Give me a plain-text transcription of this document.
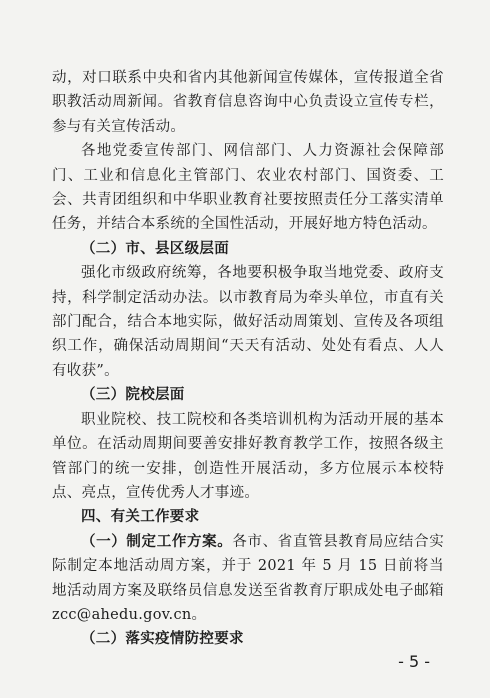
动，对口联系中央和省内其他新闻宣传媒体，宣传报道全省职教活动周新闻。省教育信息咨询中心负责设立宣传专栏，参与有关宣传活动。

各地党委宣传部门、网信部门、人力资源社会保障部门、工业和信息化主管部门、农业农村部门、国资委、工会、共青团组织和中华职业教育社要按照责任分工落实清单任务，并结合本系统的全国性活动，开展好地方特色活动。

（二）市、县区级层面

强化市级政府统筹，各地要积极争取当地党委、政府支持，科学制定活动办法。以市教育局为牵头单位，市直有关部门配合，结合本地实际，做好活动周策划、宣传及各项组织工作，确保活动周期间“天天有活动、处处有看点、人人有收获”。

（三）院校层面

职业院校、技工院校和各类培训机构为活动开展的基本单位。在活动周期间要善安排好教育教学工作，按照各级主管部门的统一安排，创造性开展活动，多方位展示本校特点、亮点，宣传优秀人才事迹。

四、有关工作要求

（一）制定工作方案。各市、省直管县教育局应结合实际制定本地活动周方案，并于 2021 年 5 月 15 日前将当地活动周方案及联络员信息发送至省教育厅职成处电子邮箱 zcc@ahedu.gov.cn。

（二）落实疫情防控要求

- 5 -
